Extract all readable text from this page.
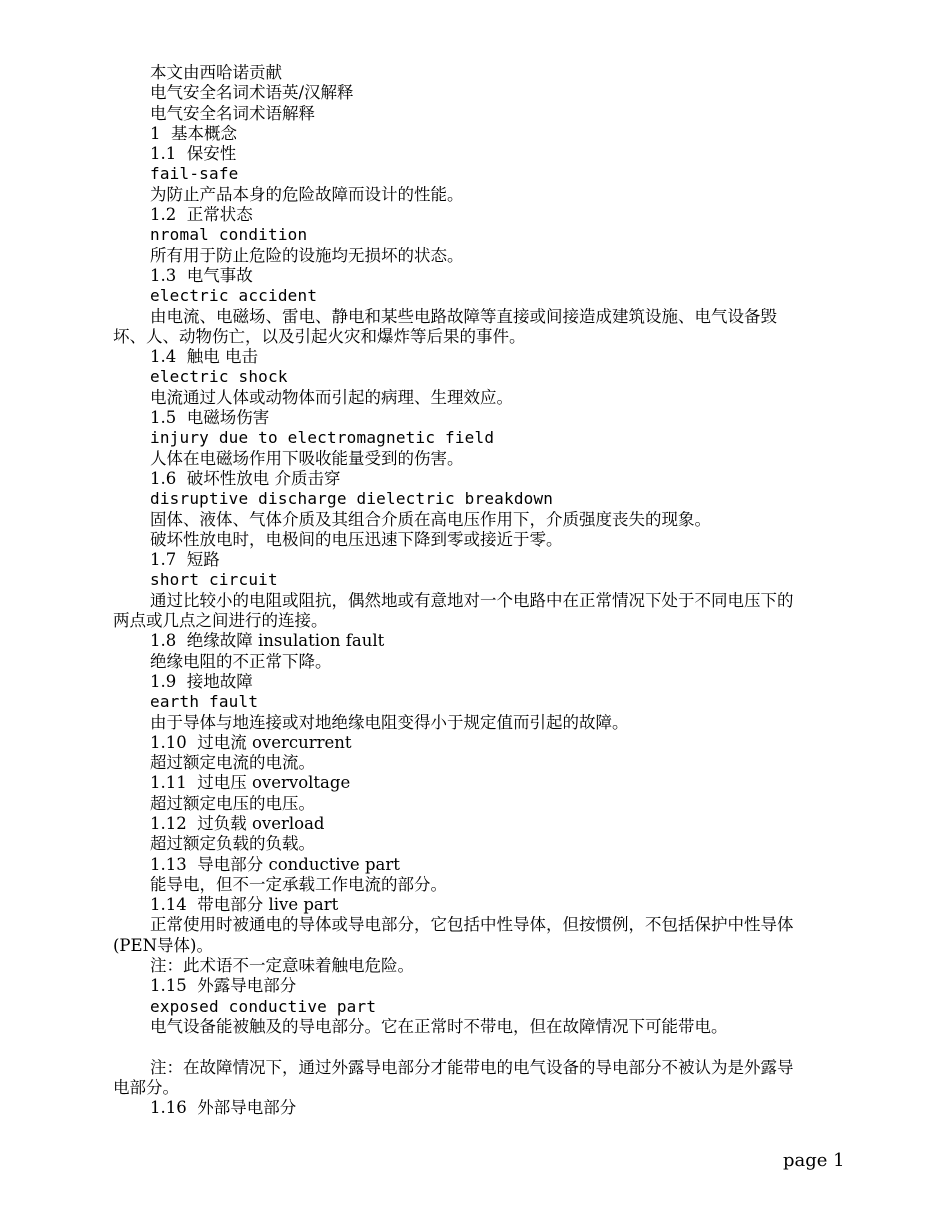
本文由西哈诺贡献
电气安全名词术语英/汉解释
电气安全名词术语解释
1  基本概念
1.1  保安性
fail-safe
为防止产品本身的危险故障而设计的性能。
1.2  正常状态
nromal condition
所有用于防止危险的设施均无损坏的状态。
1.3  电气事故
electric accident
由电流、电磁场、雷电、静电和某些电路故障等直接或间接造成建筑设施、电气设备毁坏、人、动物伤亡，以及引起火灾和爆炸等后果的事件。
1.4  触电 电击
electric shock
电流通过人体或动物体而引起的病理、生理效应。
1.5  电磁场伤害
injury due to electromagnetic field
人体在电磁场作用下吸收能量受到的伤害。
1.6  破坏性放电 介质击穿
disruptive discharge dielectric breakdown
固体、液体、气体介质及其组合介质在高电压作用下，介质强度丧失的现象。
破坏性放电时，电极间的电压迅速下降到零或接近于零。
1.7  短路
short circuit
通过比较小的电阻或阻抗，偶然地或有意地对一个电路中在正常情况下处于不同电压下的两点或几点之间进行的连接。
1.8  绝缘故障 insulation fault
绝缘电阻的不正常下降。
1.9  接地故障
earth fault
由于导体与地连接或对地绝缘电阻变得小于规定值而引起的故障。
1.10  过电流 overcurrent
超过额定电流的电流。
1.11  过电压 overvoltage
超过额定电压的电压。
1.12  过负载 overload
超过额定负载的负载。
1.13  导电部分 conductive part
能导电，但不一定承载工作电流的部分。
1.14  带电部分 live part
正常使用时被通电的导体或导电部分，它包括中性导体，但按惯例，不包括保护中性导体(PEN导体)。
注：此术语不一定意味着触电危险。
1.15  外露导电部分
exposed conductive part
电气设备能被触及的导电部分。它在正常时不带电，但在故障情况下可能带电。
注：在故障情况下，通过外露导电部分才能带电的电气设备的导电部分不被认为是外露导电部分。
1.16  外部导电部分
page 1
